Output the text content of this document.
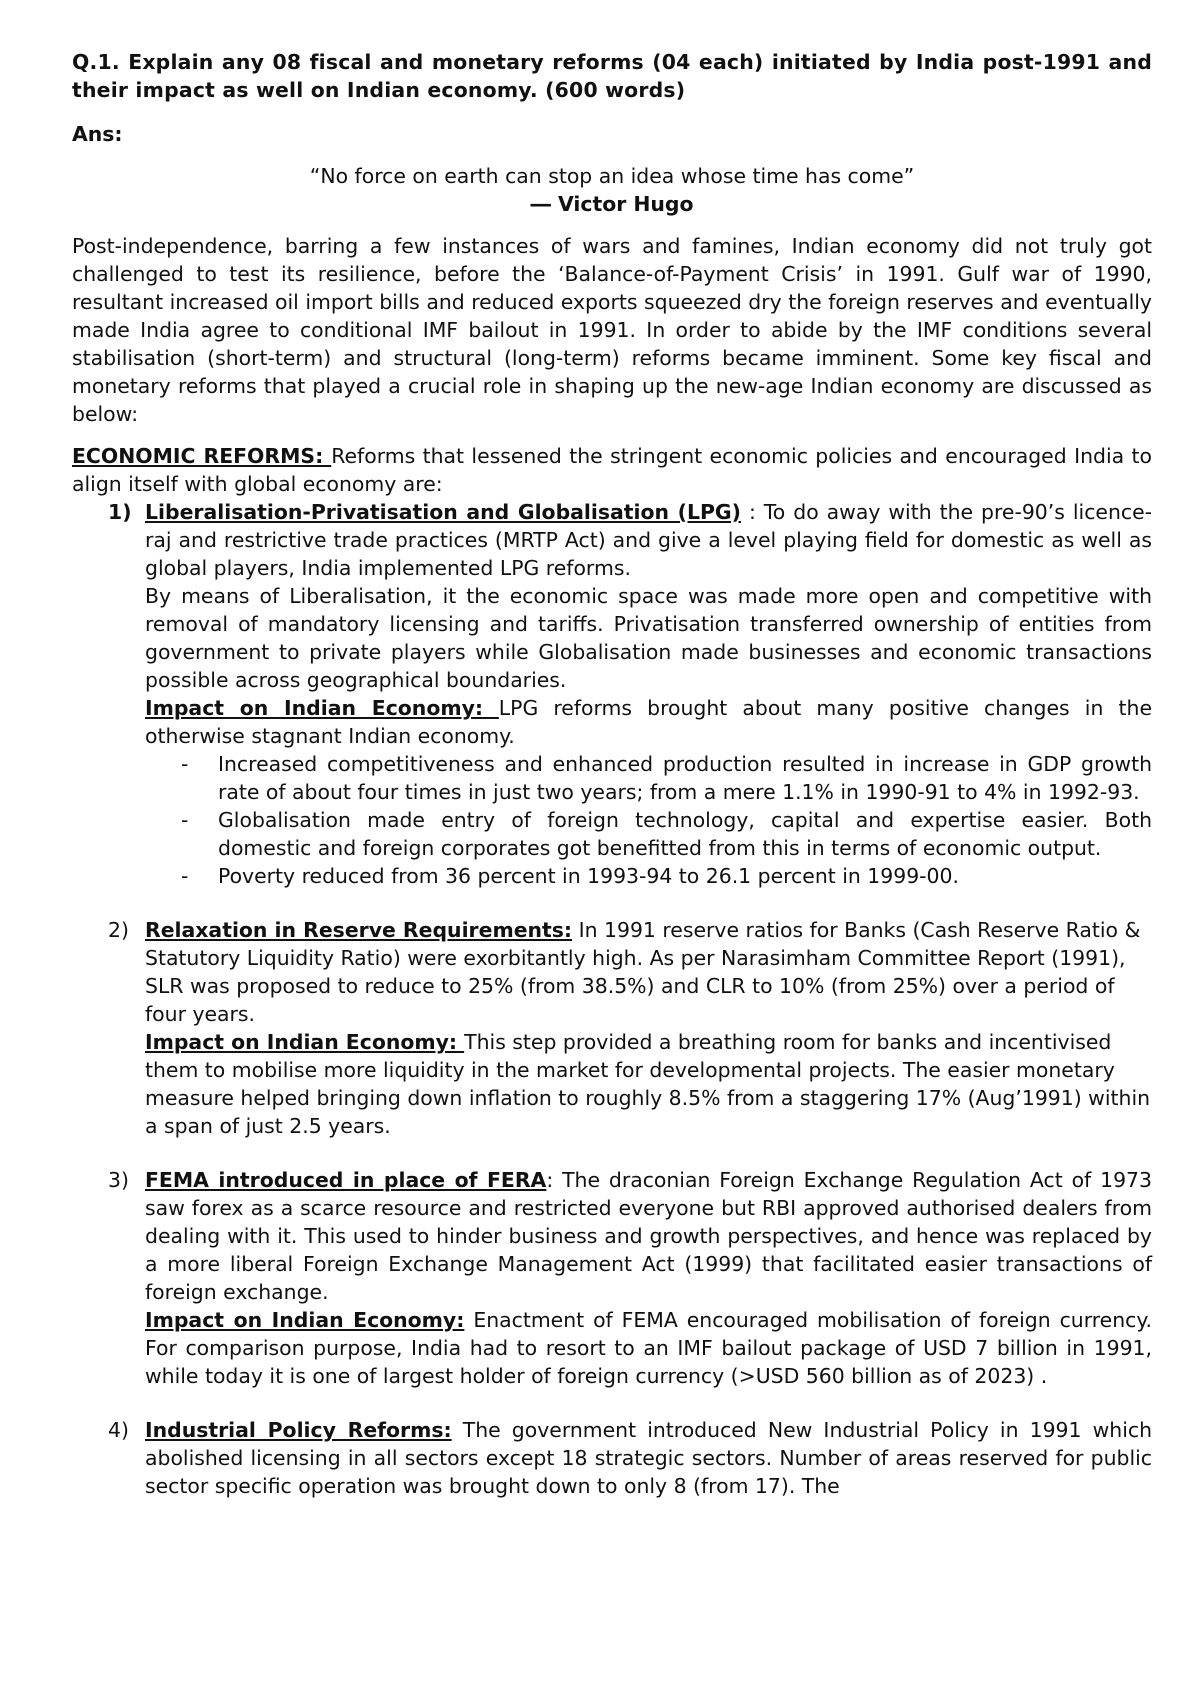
Q.1. Explain any 08 fiscal and monetary reforms (04 each) initiated by India post-1991 and their impact as well on Indian economy. (600 words)

Ans:

“No force on earth can stop an idea whose time has come”

― Victor Hugo

Post-independence, barring a few instances of wars and famines, Indian economy did not truly got challenged to test its resilience, before the ‘Balance-of-Payment Crisis’ in 1991. Gulf war of 1990, resultant increased oil import bills and reduced exports squeezed dry the foreign reserves and eventually made India agree to conditional IMF bailout in 1991. In order to abide by the IMF conditions several stabilisation (short-term) and structural (long-term) reforms became imminent. Some key fiscal and monetary reforms that played a crucial role in shaping up the new-age Indian economy are discussed as below:

ECONOMIC REFORMS: Reforms that lessened the stringent economic policies and encouraged India to align itself with global economy are:

1) Liberalisation-Privatisation and Globalisation (LPG) : To do away with the pre-90’s licence-raj and restrictive trade practices (MRTP Act) and give a level playing field for domestic as well as global players, India implemented LPG reforms.

By means of Liberalisation, it the economic space was made more open and competitive with removal of mandatory licensing and tariffs. Privatisation transferred ownership of entities from government to private players while Globalisation made businesses and economic transactions possible across geographical boundaries.

Impact on Indian Economy: LPG reforms brought about many positive changes in the otherwise stagnant Indian economy.

- Increased competitiveness and enhanced production resulted in increase in GDP growth rate of about four times in just two years; from a mere 1.1% in 1990-91 to 4% in 1992-93.
- Globalisation made entry of foreign technology, capital and expertise easier. Both domestic and foreign corporates got benefitted from this in terms of economic output.
- Poverty reduced from 36 percent in 1993-94 to 26.1 percent in 1999-00.
2) Relaxation in Reserve Requirements: In 1991 reserve ratios for Banks (Cash Reserve Ratio & Statutory Liquidity Ratio) were exorbitantly high. As per Narasimham Committee Report (1991), SLR was proposed to reduce to 25% (from 38.5%) and CLR to 10% (from 25%) over a period of four years.

Impact on Indian Economy: This step provided a breathing room for banks and incentivised them to mobilise more liquidity in the market for developmental projects. The easier monetary measure helped bringing down inflation to roughly 8.5% from a staggering 17% (Aug’1991) within a span of just 2.5 years.

3) FEMA introduced in place of FERA: The draconian Foreign Exchange Regulation Act of 1973 saw forex as a scarce resource and restricted everyone but RBI approved authorised dealers from dealing with it. This used to hinder business and growth perspectives, and hence was replaced by a more liberal Foreign Exchange Management Act (1999) that facilitated easier transactions of foreign exchange.

Impact on Indian Economy: Enactment of FEMA encouraged mobilisation of foreign currency. For comparison purpose, India had to resort to an IMF bailout package of USD 7 billion in 1991, while today it is one of largest holder of foreign currency (>USD 560 billion as of 2023) .

4) Industrial Policy Reforms: The government introduced New Industrial Policy in 1991 which abolished licensing in all sectors except 18 strategic sectors. Number of areas reserved for public sector specific operation was brought down to only 8 (from 17). The
